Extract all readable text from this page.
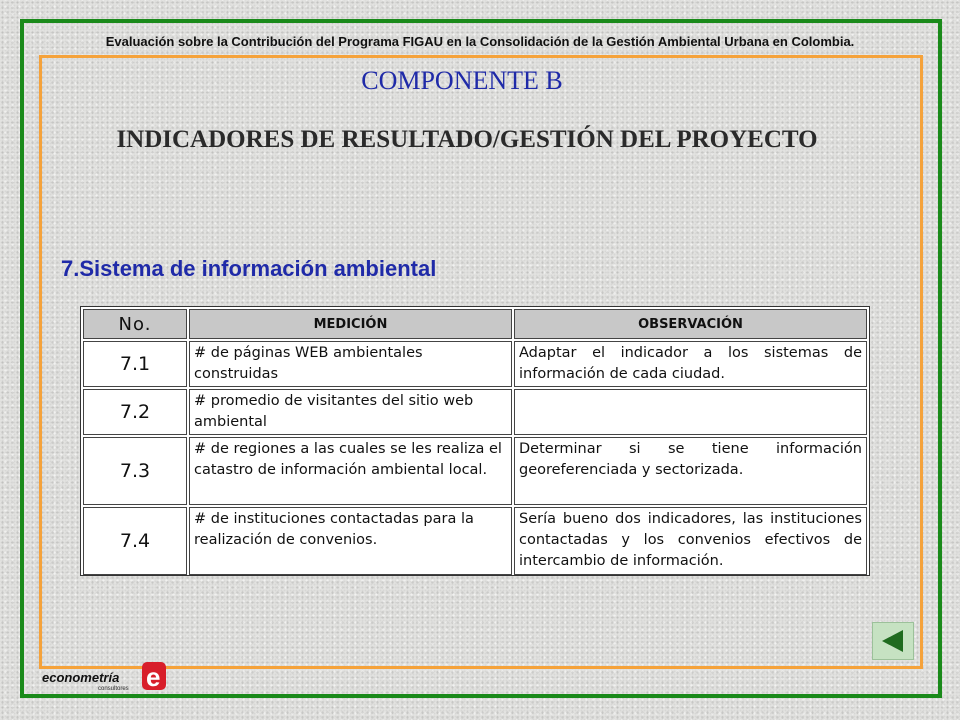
Evaluación sobre la Contribución del Programa FIGAU en la Consolidación de la Gestión Ambiental Urbana en Colombia.
COMPONENTE B
INDICADORES DE RESULTADO/GESTIÓN DEL PROYECTO
7.Sistema de información ambiental
No.	MEDICIÓN	OBSERVACIÓN
7.1	# de páginas WEB ambientales construidas	Adaptar el indicador a los sistemas de información de cada ciudad.
7.2	# promedio de visitantes del sitio web ambiental	
7.3	# de regiones a las cuales se les realiza el catastro de información ambiental local.	Determinar si se tiene información georeferenciada y sectorizada.
7.4	# de instituciones contactadas para la realización de convenios.	Sería bueno dos indicadores, las instituciones contactadas y los convenios efectivos de intercambio de información.
econometría
consultores e
